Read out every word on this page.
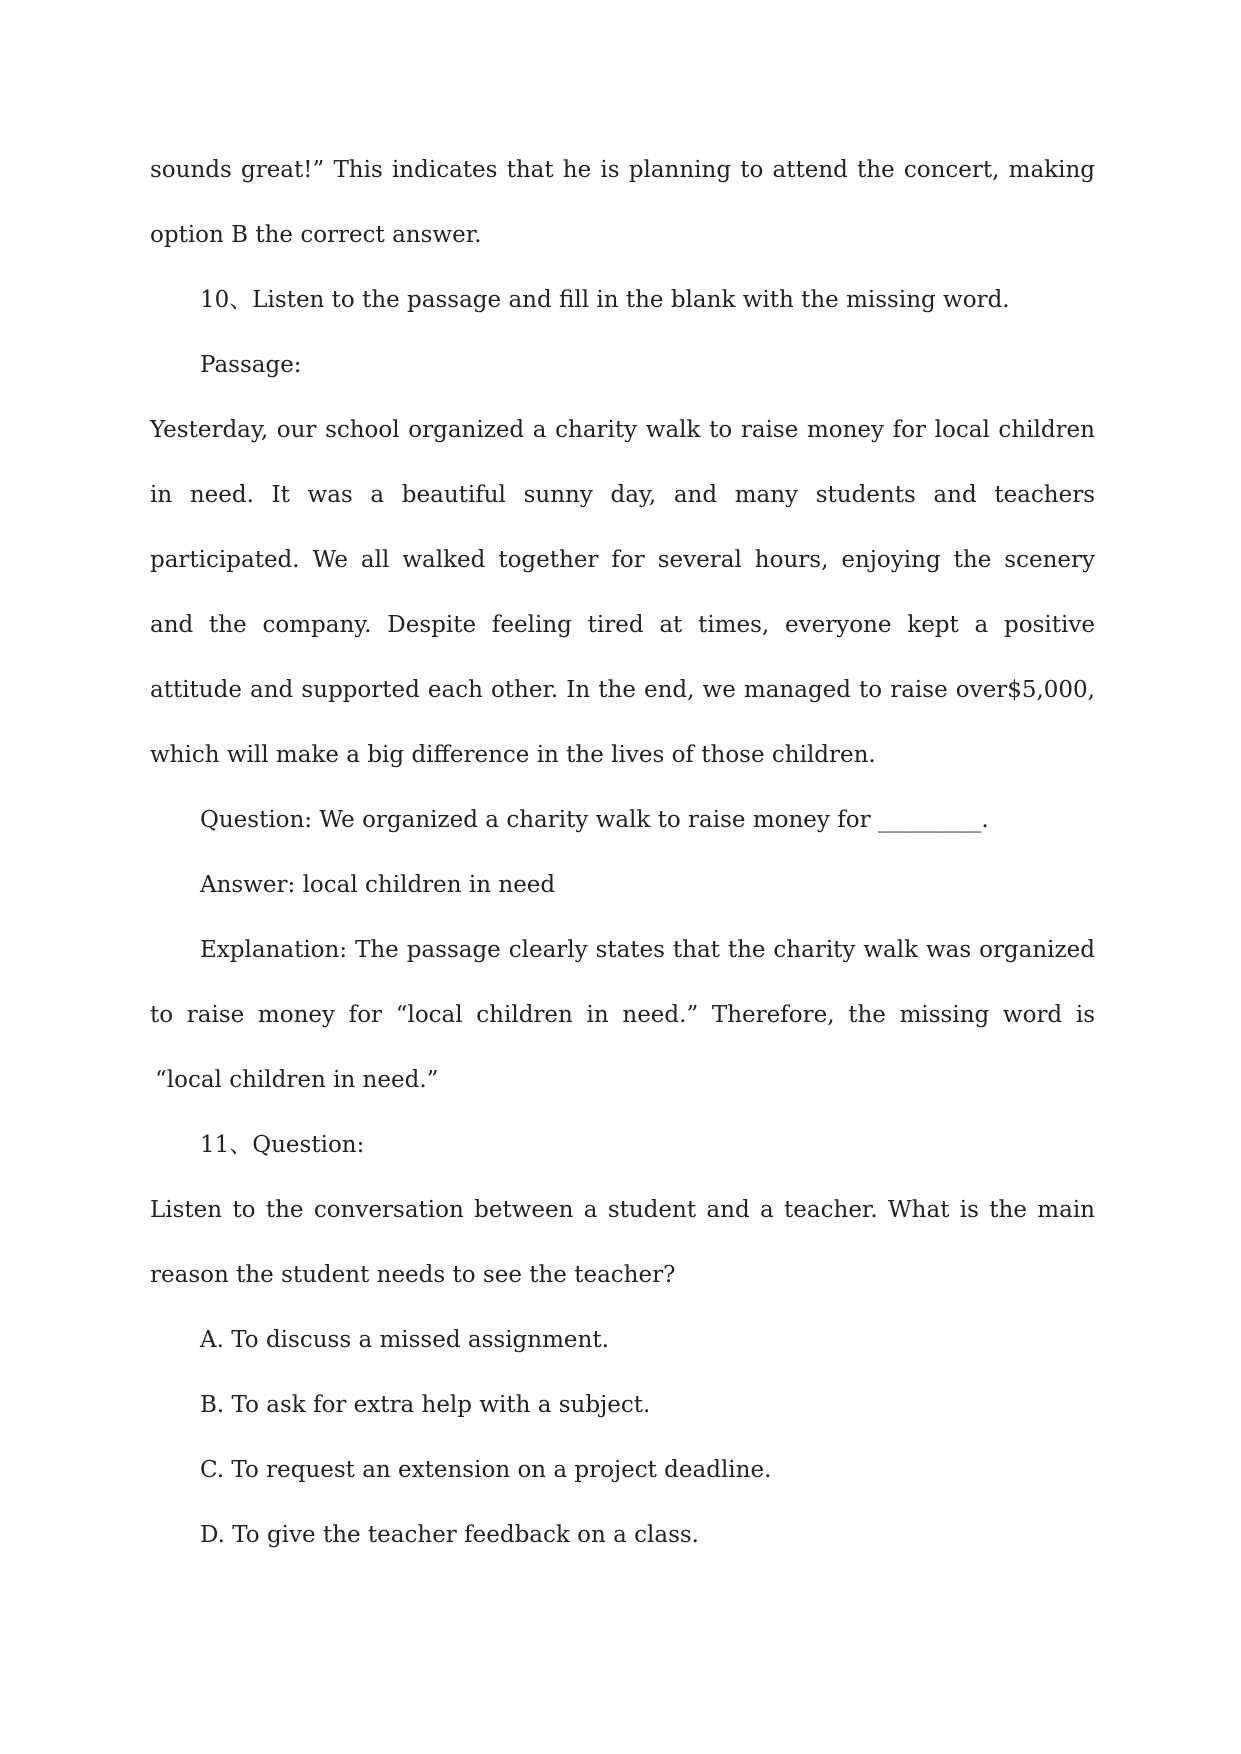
sounds great!” This indicates that he is planning to attend the concert, making
option B the correct answer.
10、Listen to the passage and fill in the blank with the missing word.
Passage:
Yesterday, our school organized a charity walk to raise money for local children
in need. It was a beautiful sunny day, and many students and teachers
participated. We all walked together for several hours, enjoying the scenery
and the company. Despite feeling tired at times, everyone kept a positive
attitude and supported each other. In the end, we managed to raise over$5,000,
which will make a big difference in the lives of those children.
Question: We organized a charity walk to raise money for _________.
Answer: local children in need
Explanation: The passage clearly states that the charity walk was organized
to raise money for “local children in need.” Therefore, the missing word is
“local children in need.”
11、Question:
Listen to the conversation between a student and a teacher. What is the main
reason the student needs to see the teacher?
A. To discuss a missed assignment.
B. To ask for extra help with a subject.
C. To request an extension on a project deadline.
D. To give the teacher feedback on a class.
